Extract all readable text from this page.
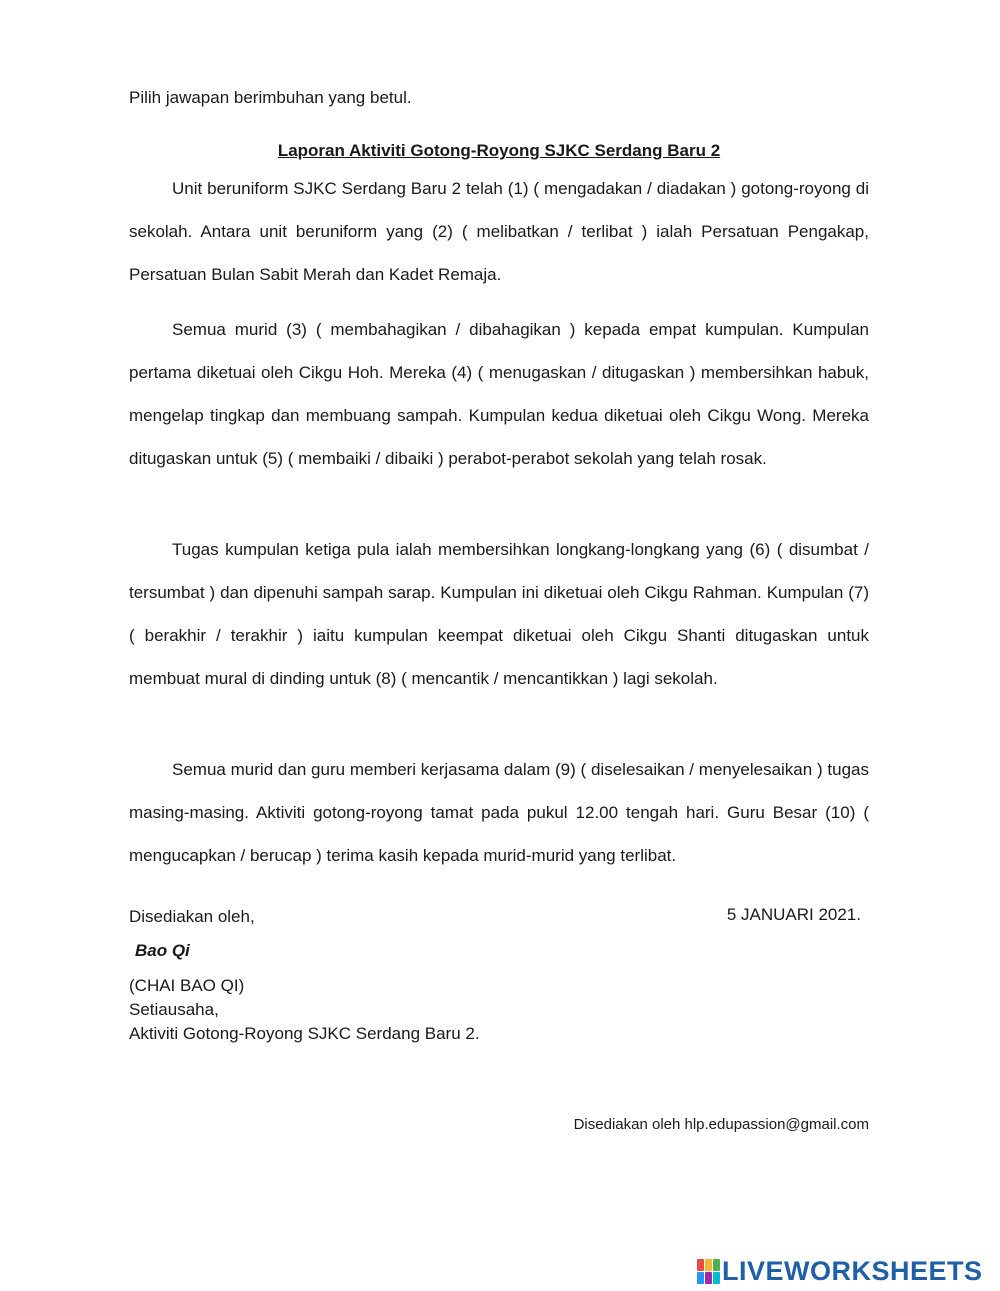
Pilih jawapan berimbuhan yang betul.
Laporan Aktiviti Gotong-Royong SJKC Serdang Baru 2

Unit beruniform SJKC Serdang Baru 2 telah (1) ( mengadakan / diadakan ) gotong-royong di sekolah. Antara unit beruniform yang (2) ( melibatkan / terlibat ) ialah Persatuan Pengakap, Persatuan Bulan Sabit Merah dan Kadet Remaja.

Semua murid (3) ( membahagikan / dibahagikan ) kepada empat kumpulan. Kumpulan pertama diketuai oleh Cikgu Hoh. Mereka (4) ( menugaskan / ditugaskan ) membersihkan habuk, mengelap tingkap dan membuang sampah. Kumpulan kedua diketuai oleh Cikgu Wong. Mereka ditugaskan untuk (5) ( membaiki / dibaiki ) perabot-perabot sekolah yang telah rosak.

Tugas kumpulan ketiga pula ialah membersihkan longkang-longkang yang (6) ( disumbat / tersumbat ) dan dipenuhi sampah sarap. Kumpulan ini diketuai oleh Cikgu Rahman. Kumpulan (7) ( berakhir / terakhir ) iaitu kumpulan keempat diketuai oleh Cikgu Shanti ditugaskan untuk membuat mural di dinding untuk (8) ( mencantik / mencantikkan ) lagi sekolah.

Semua murid dan guru memberi kerjasama dalam (9) ( diselesaikan / menyelesaikan ) tugas masing-masing. Aktiviti gotong-royong tamat pada pukul 12.00 tengah hari. Guru Besar (10) ( mengucapkan / berucap ) terima kasih kepada murid-murid yang terlibat.

Disediakan oleh,
Bao Qi
(CHAI BAO QI)
Setiausaha,
Aktiviti Gotong-Royong SJKC Serdang Baru 2.
5 JANUARI 2021.
Disediakan oleh hlp.edupassion@gmail.com
LIVEWORKSHEETS
